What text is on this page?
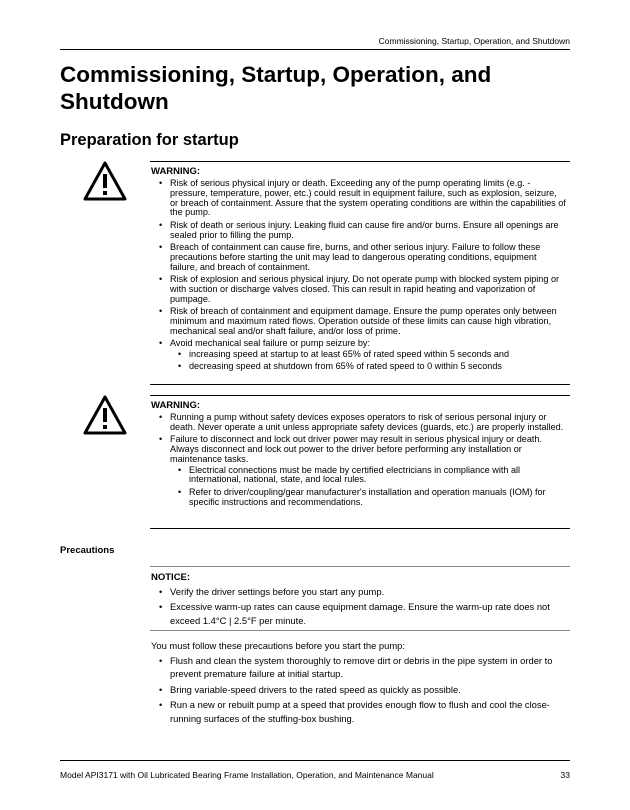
Commissioning, Startup, Operation, and Shutdown
Commissioning, Startup, Operation, and Shutdown
Preparation for startup
WARNING:
• Risk of serious physical injury or death. Exceeding any of the pump operating limits (e.g. - pressure, temperature, power, etc.) could result in equipment failure, such as explosion, seizure, or breach of containment. Assure that the system operating conditions are within the capabilities of the pump.
• Risk of death or serious injury. Leaking fluid can cause fire and/or burns. Ensure all openings are sealed prior to filling the pump.
• Breach of containment can cause fire, burns, and other serious injury. Failure to follow these precautions before starting the unit may lead to dangerous operating conditions, equipment failure, and breach of containment.
• Risk of explosion and serious physical injury. Do not operate pump with blocked system piping or with suction or discharge valves closed. This can result in rapid heating and vaporization of pumpage.
• Risk of breach of containment and equipment damage. Ensure the pump operates only between minimum and maximum rated flows. Operation outside of these limits can cause high vibration, mechanical seal and/or shaft failure, and/or loss of prime.
• Avoid mechanical seal failure or pump seizure by:
• increasing speed at startup to at least 65% of rated speed within 5 seconds and
• decreasing speed at shutdown from 65% of rated speed to 0 within 5 seconds
WARNING:
• Running a pump without safety devices exposes operators to risk of serious personal injury or death. Never operate a unit unless appropriate safety devices (guards, etc.) are properly installed.
• Failure to disconnect and lock out driver power may result in serious physical injury or death. Always disconnect and lock out power to the driver before performing any installation or maintenance tasks.
• Electrical connections must be made by certified electricians in compliance with all international, national, state, and local rules.
• Refer to driver/coupling/gear manufacturer's installation and operation manuals (IOM) for specific instructions and recommendations.
Precautions
NOTICE:
• Verify the driver settings before you start any pump.
• Excessive warm-up rates can cause equipment damage. Ensure the warm-up rate does not exceed 1.4°C | 2.5°F per minute.
You must follow these precautions before you start the pump:
• Flush and clean the system thoroughly to remove dirt or debris in the pipe system in order to prevent premature failure at initial startup.
• Bring variable-speed drivers to the rated speed as quickly as possible.
• Run a new or rebuilt pump at a speed that provides enough flow to flush and cool the close-running surfaces of the stuffing-box bushing.
Model API3171 with Oil Lubricated Bearing Frame Installation, Operation, and Maintenance Manual	33
